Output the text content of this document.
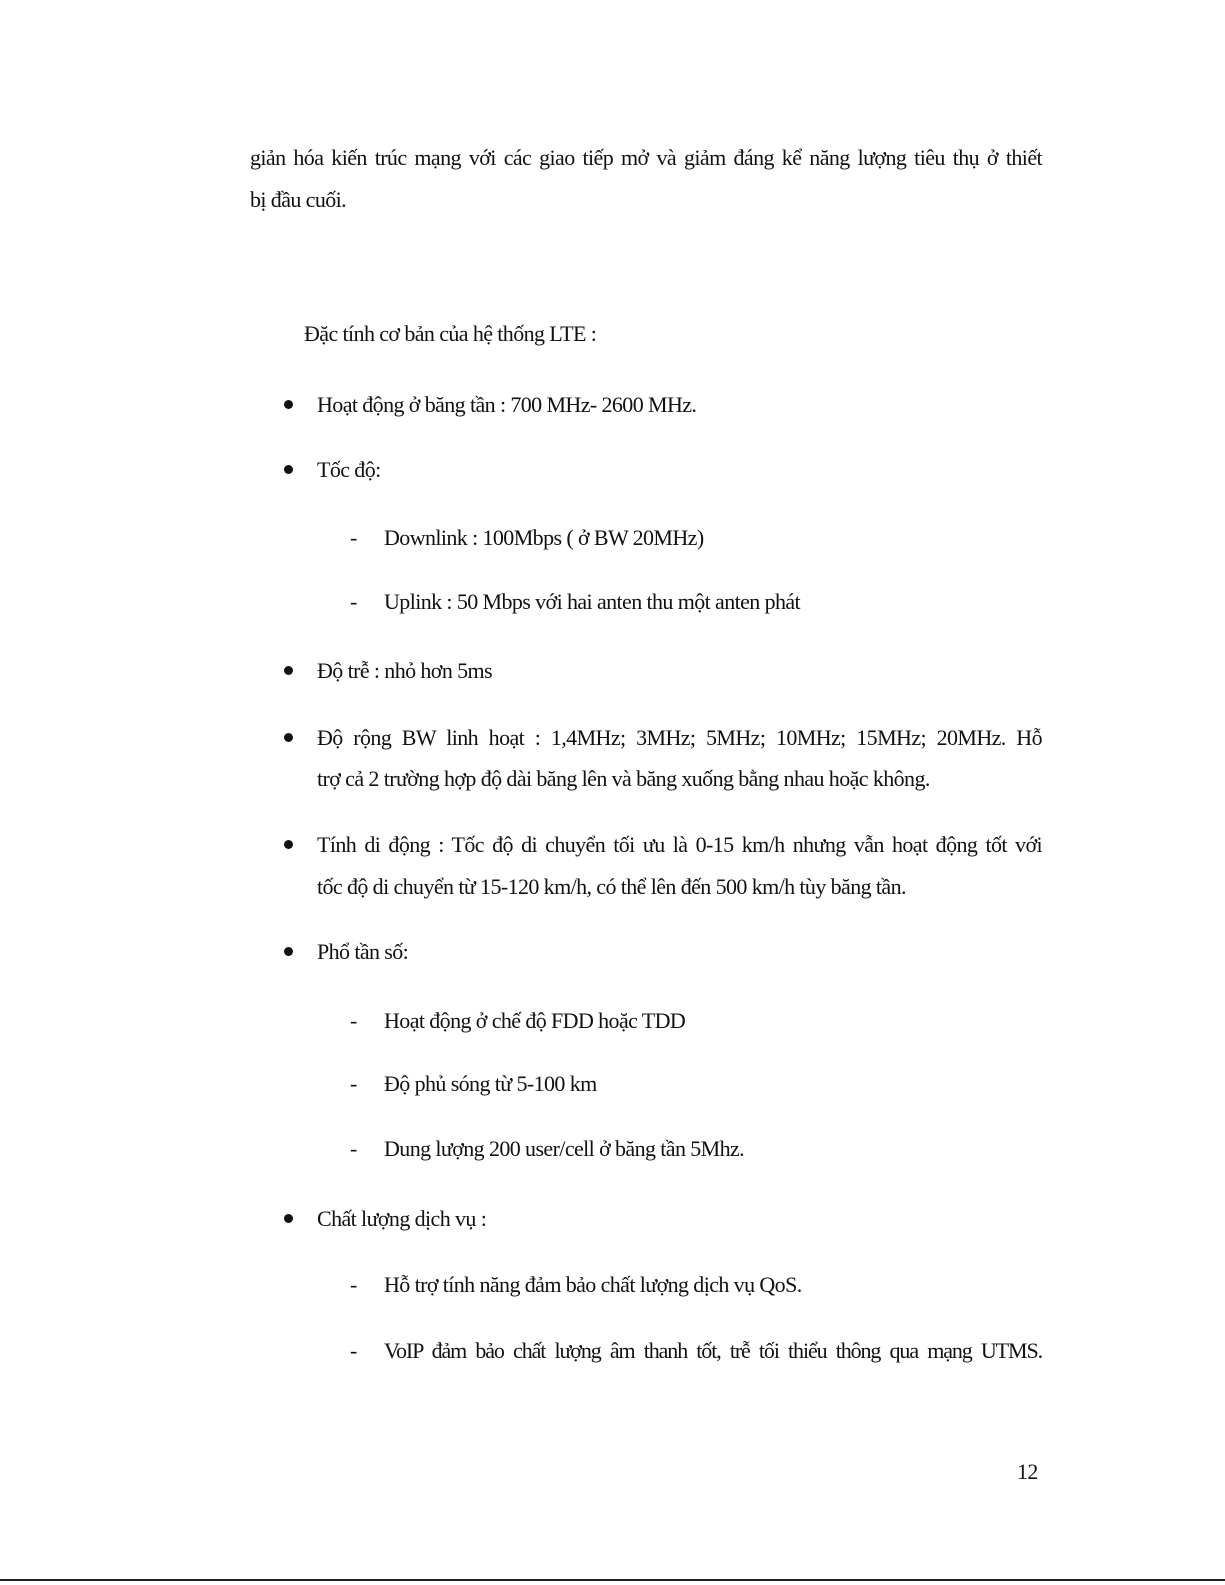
giản hóa kiến trúc mạng với các giao tiếp mở và giảm đáng kể năng lượng tiêu thụ ở thiết
bị đầu cuối.
Đặc tính cơ bản của hệ thống LTE :
Hoạt động ở băng tần : 700 MHz- 2600 MHz.
Tốc độ:
- Downlink : 100Mbps ( ở BW 20MHz)
- Uplink : 50 Mbps với hai anten thu một anten phát
Độ trễ : nhỏ hơn 5ms
Độ rộng BW linh hoạt : 1,4MHz; 3MHz; 5MHz; 10MHz; 15MHz; 20MHz. Hỗ
trợ cả 2 trường hợp độ dài băng lên và băng xuống bằng nhau hoặc không.
Tính di động : Tốc độ di chuyển tối ưu là 0-15 km/h nhưng vẫn hoạt động tốt với
tốc độ di chuyển từ 15-120 km/h, có thể lên đến 500 km/h tùy băng tần.
Phổ tần số:
- Hoạt động ở chế độ FDD hoặc TDD
- Độ phủ sóng từ 5-100 km
- Dung lượng 200 user/cell ở băng tần 5Mhz.
Chất lượng dịch vụ :
- Hỗ trợ tính năng đảm bảo chất lượng dịch vụ QoS.
- VoIP đảm bảo chất lượng âm thanh tốt, trễ tối thiểu thông qua mạng UTMS.
12
